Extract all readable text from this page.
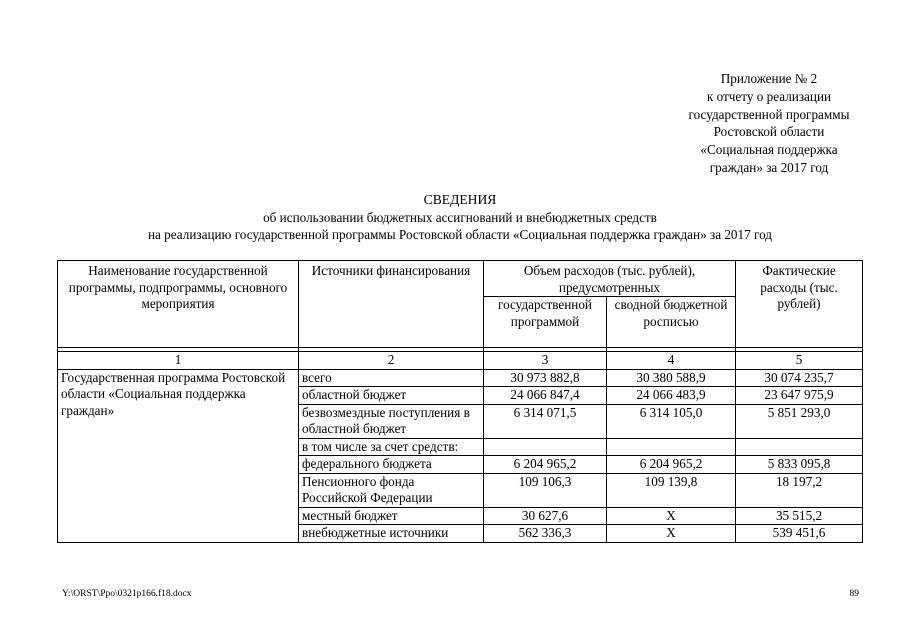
Приложение № 2
к отчету о реализации
государственной программы
Ростовской области
«Социальная поддержка
граждан» за 2017 год
СВЕДЕНИЯ
об использовании бюджетных ассигнований и внебюджетных средств
на реализацию государственной программы Ростовской области «Социальная поддержка граждан» за 2017 год
Наименование государственной программы, подпрограммы, основного мероприятия	Источники финансирования	Объем расходов (тыс. рублей), предусмотренных		Фактические расходы (тыс. рублей)
		государственной программой	сводной бюджетной росписью	

1	2	3	4	5
Государственная программа Ростовской области «Социальная поддержка граждан»	всего	30 973 882,8	30 380 588,9	30 074 235,7
	областной бюджет	24 066 847,4	24 066 483,9	23 647 975,9
	безвозмездные поступления в областной бюджет	6 314 071,5	6 314 105,0	5 851 293,0
	в том числе за счет средств:			
	федерального бюджета	6 204 965,2	6 204 965,2	5 833 095,8
	Пенсионного фонда Российской Федерации	109 106,3	109 139,8	18 197,2
	местный бюджет	30 627,6	X	35 515,2
	внебюджетные источники	562 336,3	X	539 451,6
Y:\ORST\Ppo\0321p166.f18.docx	89
